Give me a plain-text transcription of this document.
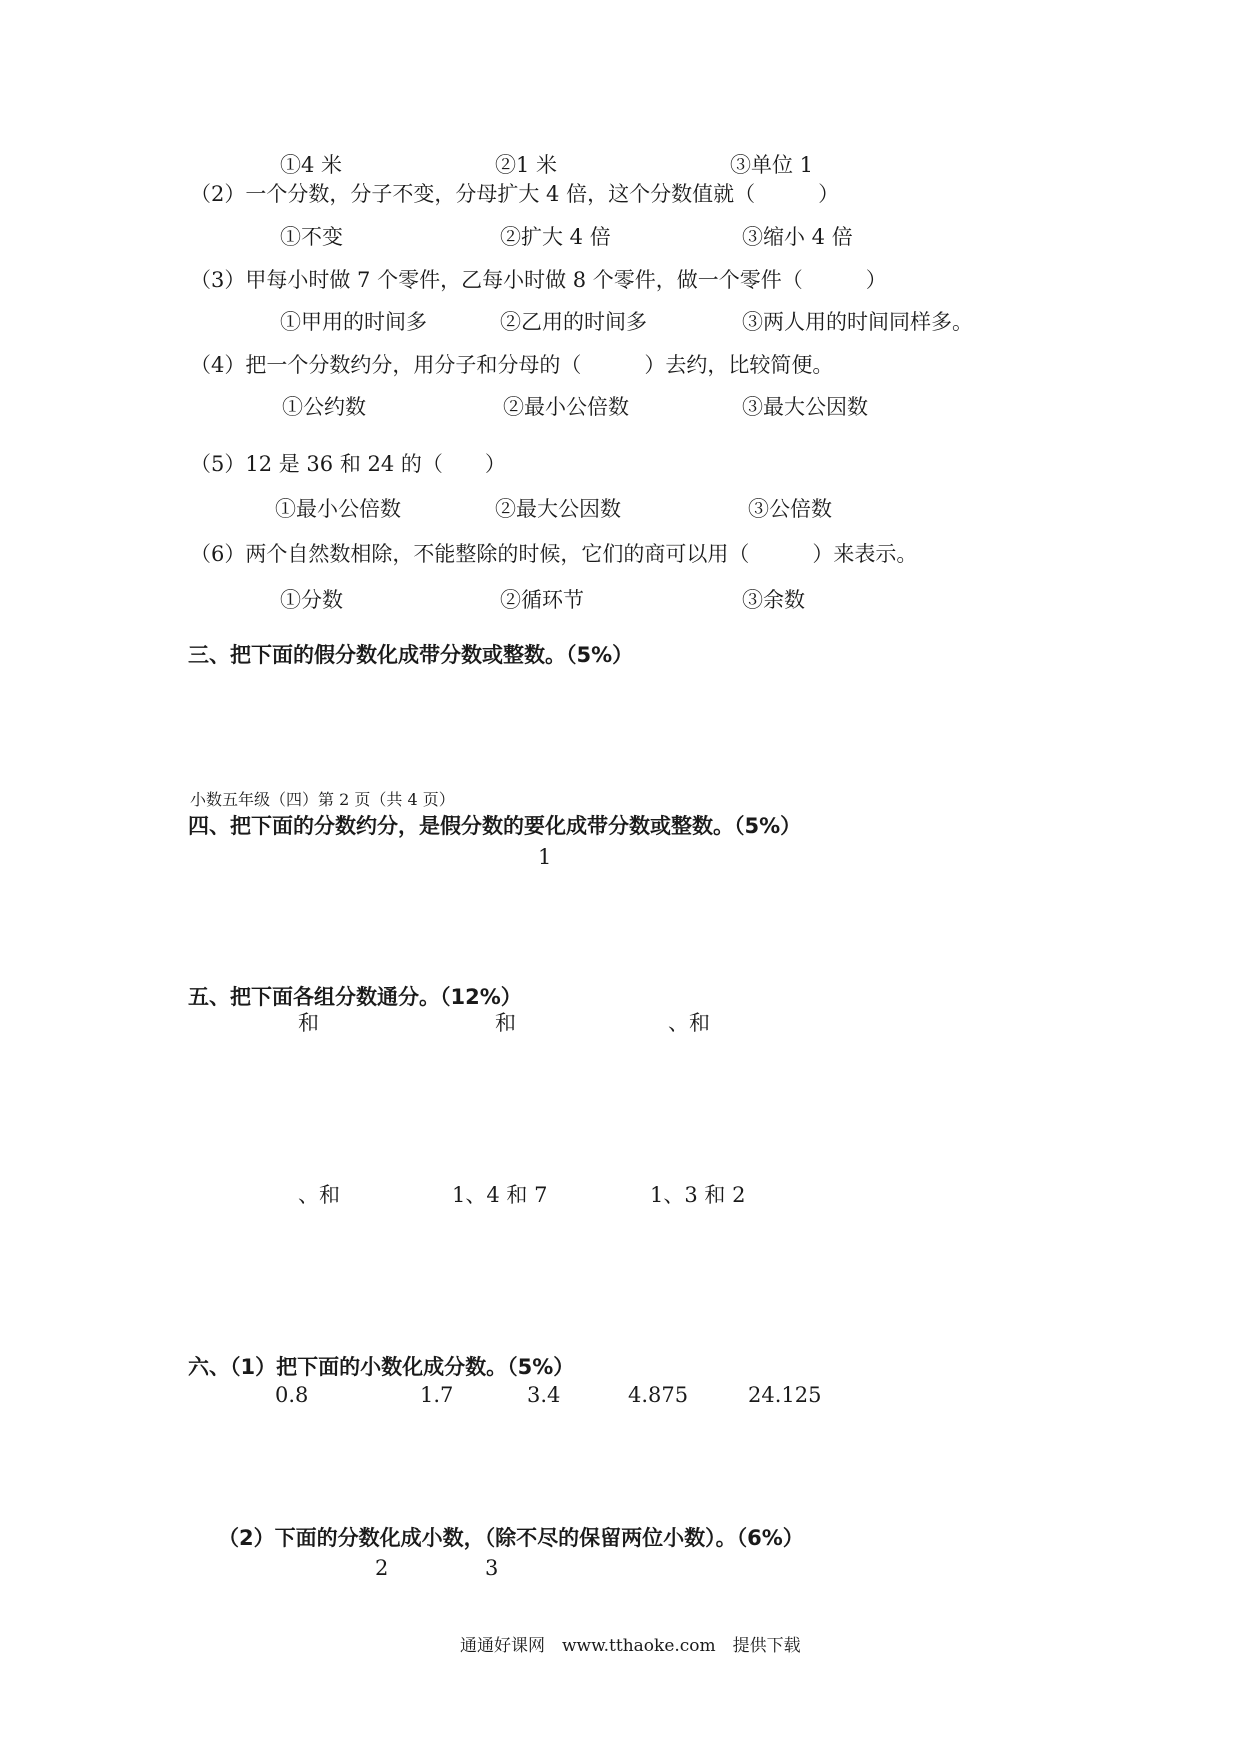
①4 米	②1 米	③单位 1
（2）一个分数，分子不变，分母扩大 4 倍，这个分数值就（　　　）
①不变	②扩大 4 倍	③缩小 4 倍
（3）甲每小时做 7 个零件，乙每小时做 8 个零件，做一个零件（　　　）
①甲用的时间多	②乙用的时间多	③两人用的时间同样多。
（4）把一个分数约分，用分子和分母的（　　　）去约，比较简便。
①公约数	②最小公倍数	③最大公因数
（5）12 是 36 和 24 的（　　）
①最小公倍数	②最大公因数	③公倍数
（6）两个自然数相除，不能整除的时候，它们的商可以用（　　　）来表示。
①分数	②循环节	③余数
三、把下面的假分数化成带分数或整数。（5%）
小数五年级（四）第 2 页（共 4 页）
四、把下面的分数约分，是假分数的要化成带分数或整数。（5%）
1
五、把下面各组分数通分。（12%）
和	和	、和
、和	1、4 和 7	1、3 和 2
六、（1）把下面的小数化成分数。（5%）
0.8	1.7	3.4	4.875	24.125
（2）下面的分数化成小数，（除不尽的保留两位小数）。（6%）
2	3
通通好课网　www.tthaoke.com　提供下载
